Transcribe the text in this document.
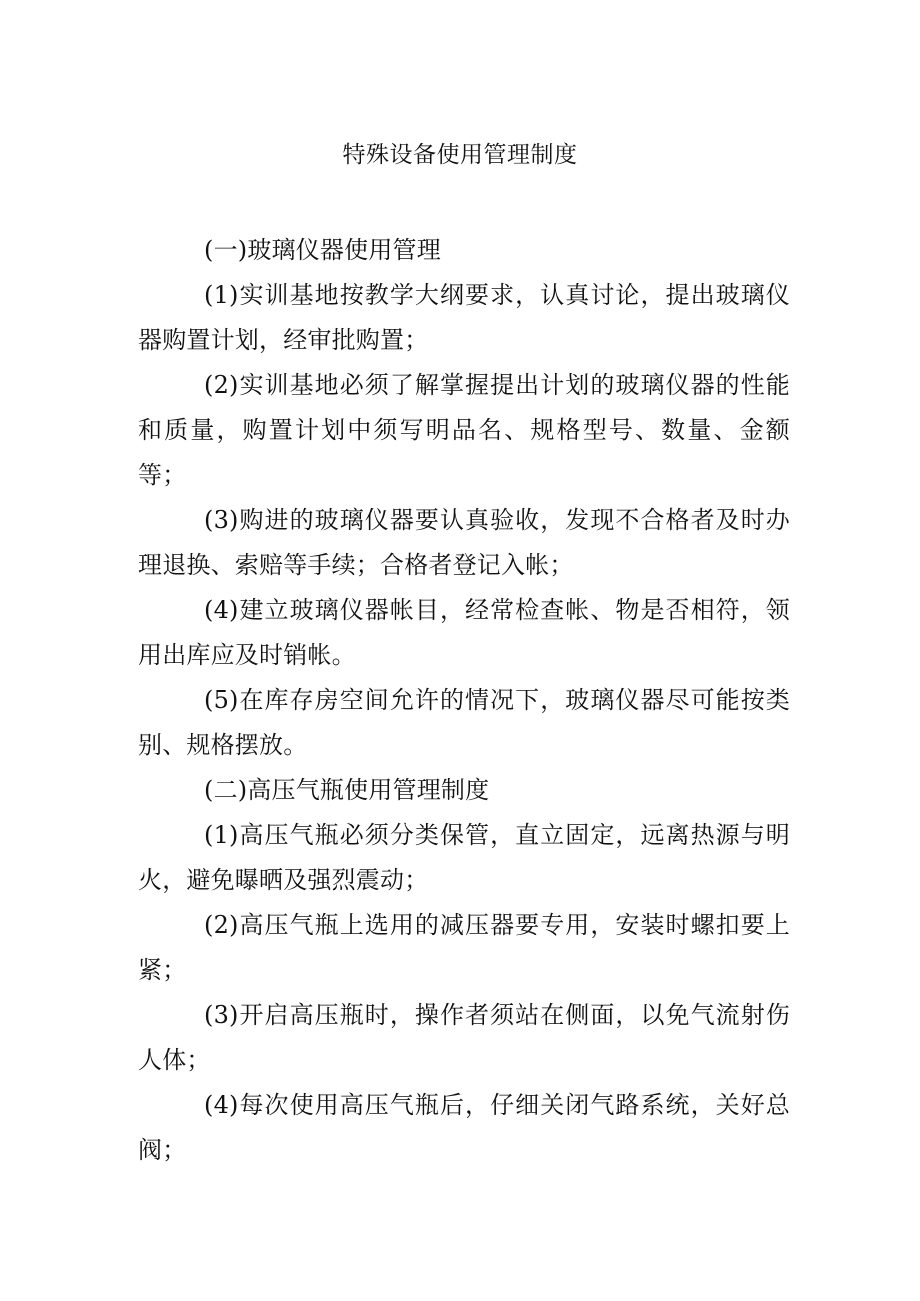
特殊设备使用管理制度

(一)玻璃仪器使用管理

(1)实训基地按教学大纲要求，认真讨论，提出玻璃仪器购置计划，经审批购置；

(2)实训基地必须了解掌握提出计划的玻璃仪器的性能和质量，购置计划中须写明品名、规格型号、数量、金额等；

(3)购进的玻璃仪器要认真验收，发现不合格者及时办理退换、索赔等手续；合格者登记入帐；

(4)建立玻璃仪器帐目，经常检查帐、物是否相符，领用出库应及时销帐。

(5)在库存房空间允许的情况下，玻璃仪器尽可能按类别、规格摆放。

(二)高压气瓶使用管理制度

(1)高压气瓶必须分类保管，直立固定，远离热源与明火，避免曝晒及强烈震动；

(2)高压气瓶上选用的减压器要专用，安装时螺扣要上紧；

(3)开启高压瓶时，操作者须站在侧面，以免气流射伤人体；

(4)每次使用高压气瓶后，仔细关闭气路系统，关好总阀；
